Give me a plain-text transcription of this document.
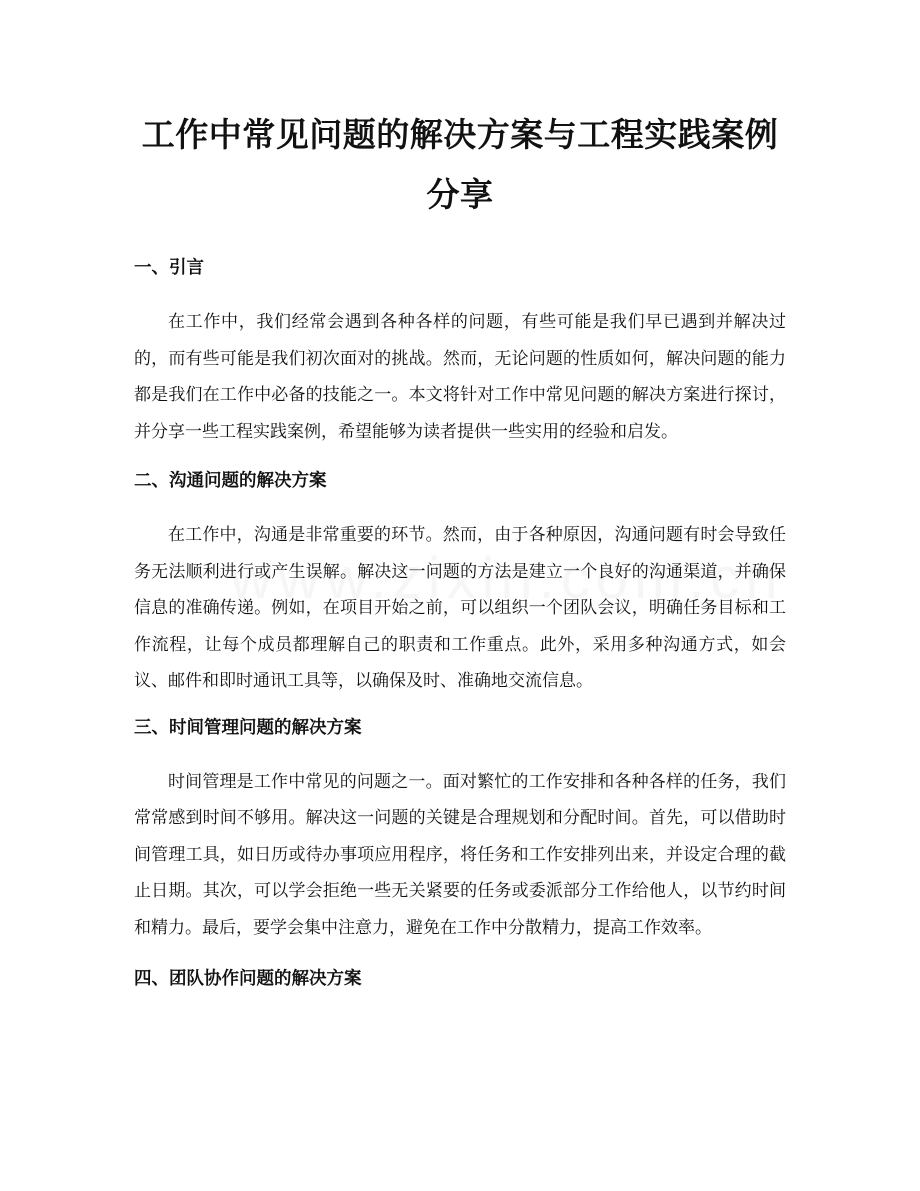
工作中常见问题的解决方案与工程实践案例分享
一、引言

在工作中，我们经常会遇到各种各样的问题，有些可能是我们早已遇到并解决过的，而有些可能是我们初次面对的挑战。然而，无论问题的性质如何，解决问题的能力都是我们在工作中必备的技能之一。本文将针对工作中常见问题的解决方案进行探讨，并分享一些工程实践案例，希望能够为读者提供一些实用的经验和启发。

二、沟通问题的解决方案

在工作中，沟通是非常重要的环节。然而，由于各种原因，沟通问题有时会导致任务无法顺利进行或产生误解。解决这一问题的方法是建立一个良好的沟通渠道，并确保信息的准确传递。例如，在项目开始之前，可以组织一个团队会议，明确任务目标和工作流程，让每个成员都理解自己的职责和工作重点。此外，采用多种沟通方式，如会议、邮件和即时通讯工具等，以确保及时、准确地交流信息。

三、时间管理问题的解决方案

时间管理是工作中常见的问题之一。面对繁忙的工作安排和各种各样的任务，我们常常感到时间不够用。解决这一问题的关键是合理规划和分配时间。首先，可以借助时间管理工具，如日历或待办事项应用程序，将任务和工作安排列出来，并设定合理的截止日期。其次，可以学会拒绝一些无关紧要的任务或委派部分工作给他人，以节约时间和精力。最后，要学会集中注意力，避免在工作中分散精力，提高工作效率。

四、团队协作问题的解决方案
